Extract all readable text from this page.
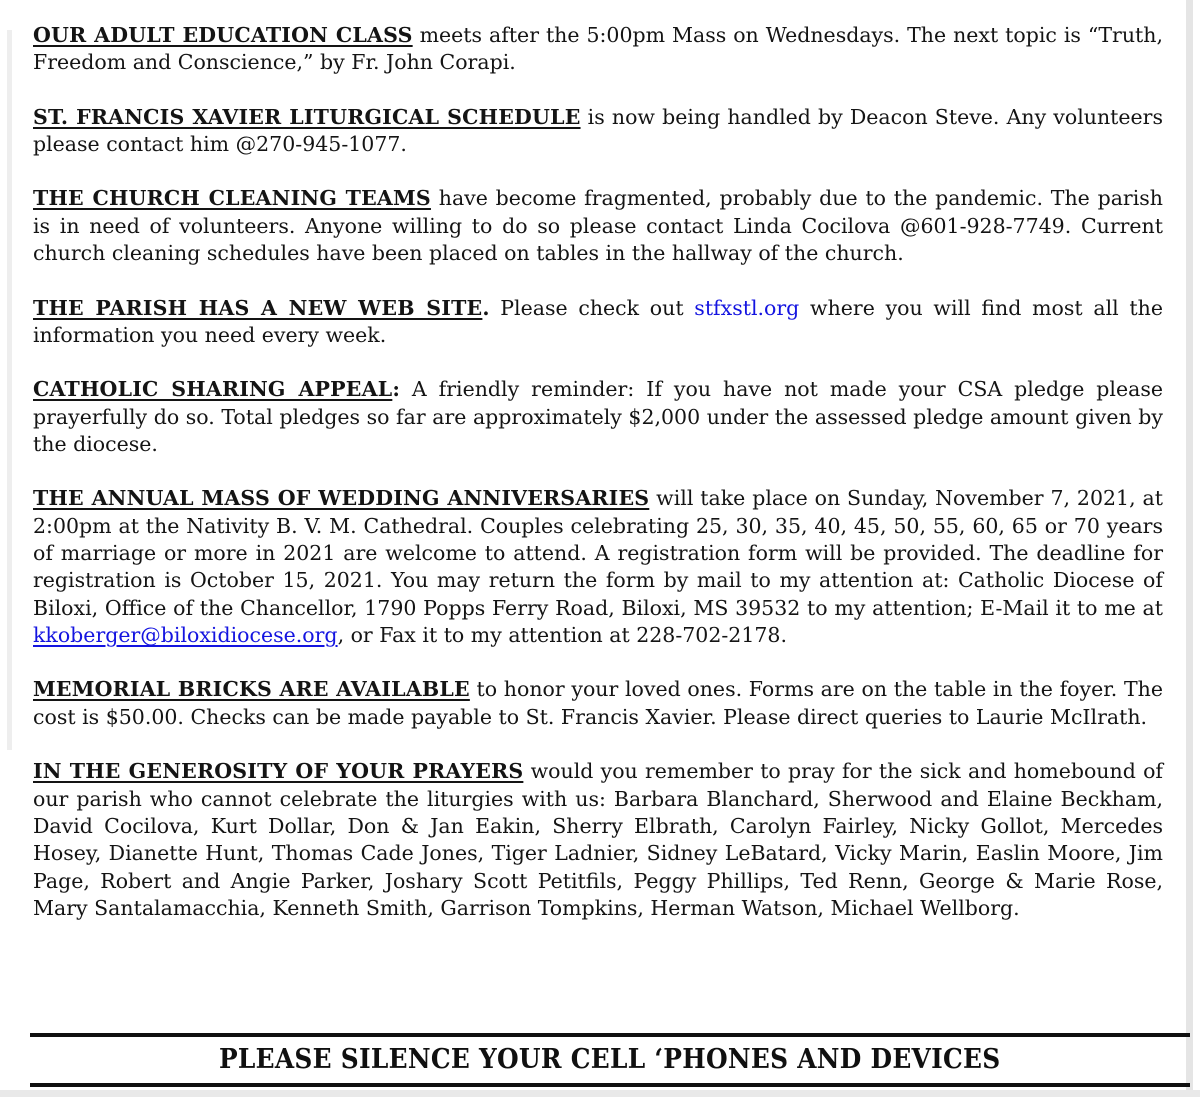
OUR ADULT EDUCATION CLASS meets after the 5:00pm Mass on Wednesdays. The next topic is “Truth, Freedom and Conscience,” by Fr. John Corapi.

ST. FRANCIS XAVIER LITURGICAL SCHEDULE is now being handled by Deacon Steve. Any volunteers please contact him @270-945-1077.

THE CHURCH CLEANING TEAMS have become fragmented, probably due to the pandemic. The parish is in need of volunteers. Anyone willing to do so please contact Linda Cocilova @601-928-7749. Current church cleaning schedules have been placed on tables in the hallway of the church.

THE PARISH HAS A NEW WEB SITE. Please check out stfxstl.org where you will find most all the information you need every week.

CATHOLIC SHARING APPEAL: A friendly reminder: If you have not made your CSA pledge please prayerfully do so. Total pledges so far are approximately $2,000 under the assessed pledge amount given by the diocese.

THE ANNUAL MASS OF WEDDING ANNIVERSARIES will take place on Sunday, November 7, 2021, at 2:00pm at the Nativity B. V. M. Cathedral. Couples celebrating 25, 30, 35, 40, 45, 50, 55, 60, 65 or 70 years of marriage or more in 2021 are welcome to attend. A registration form will be provided. The deadline for registration is October 15, 2021. You may return the form by mail to my attention at: Catholic Diocese of Biloxi, Office of the Chancellor, 1790 Popps Ferry Road, Biloxi, MS 39532 to my attention; E-Mail it to me at kkoberger@biloxidiocese.org, or Fax it to my attention at 228-702-2178.

MEMORIAL BRICKS ARE AVAILABLE to honor your loved ones. Forms are on the table in the foyer. The cost is $50.00. Checks can be made payable to St. Francis Xavier. Please direct queries to Laurie McIlrath.

IN THE GENEROSITY OF YOUR PRAYERS would you remember to pray for the sick and homebound of our parish who cannot celebrate the liturgies with us: Barbara Blanchard, Sherwood and Elaine Beckham, David Cocilova, Kurt Dollar, Don & Jan Eakin, Sherry Elbrath, Carolyn Fairley, Nicky Gollot, Mercedes Hosey, Dianette Hunt, Thomas Cade Jones, Tiger Ladnier, Sidney LeBatard, Vicky Marin, Easlin Moore, Jim Page, Robert and Angie Parker, Joshary Scott Petitfils, Peggy Phillips, Ted Renn, George & Marie Rose, Mary Santalamacchia, Kenneth Smith, Garrison Tompkins, Herman Watson, Michael Wellborg.

PLEASE SILENCE YOUR CELL ‘PHONES AND DEVICES
